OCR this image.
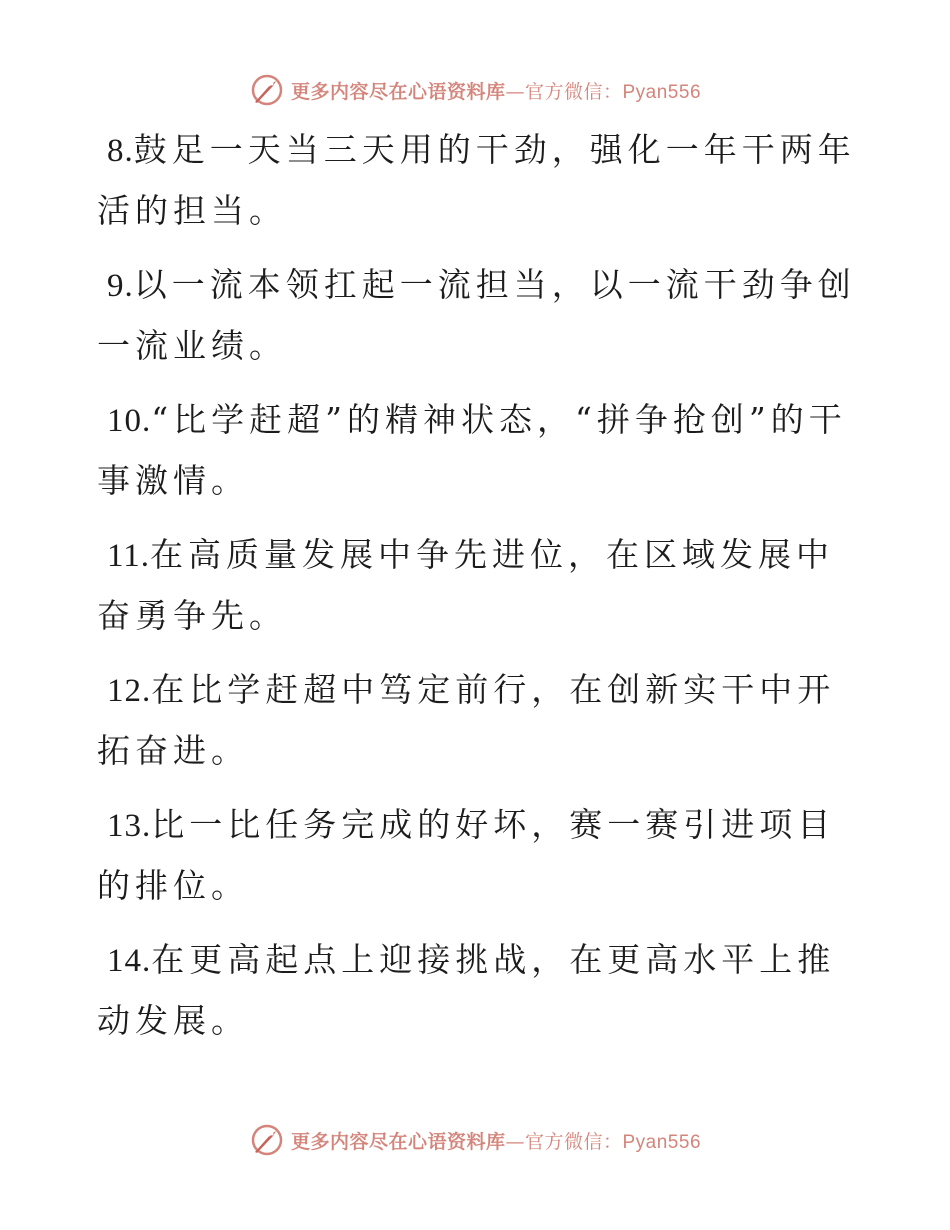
更多内容尽在心语资料库—官方微信：Pyan556

8.鼓足一天当三天用的干劲，强化一年干两年活的担当。

9.以一流本领扛起一流担当，以一流干劲争创一流业绩。

10.“比学赶超”的精神状态，“拼争抢创”的干事激情。

11.在高质量发展中争先进位，在区域发展中奋勇争先。

12.在比学赶超中笃定前行，在创新实干中开拓奋进。

13.比一比任务完成的好坏，赛一赛引进项目的排位。

14.在更高起点上迎接挑战，在更高水平上推动发展。

更多内容尽在心语资料库—官方微信：Pyan556
